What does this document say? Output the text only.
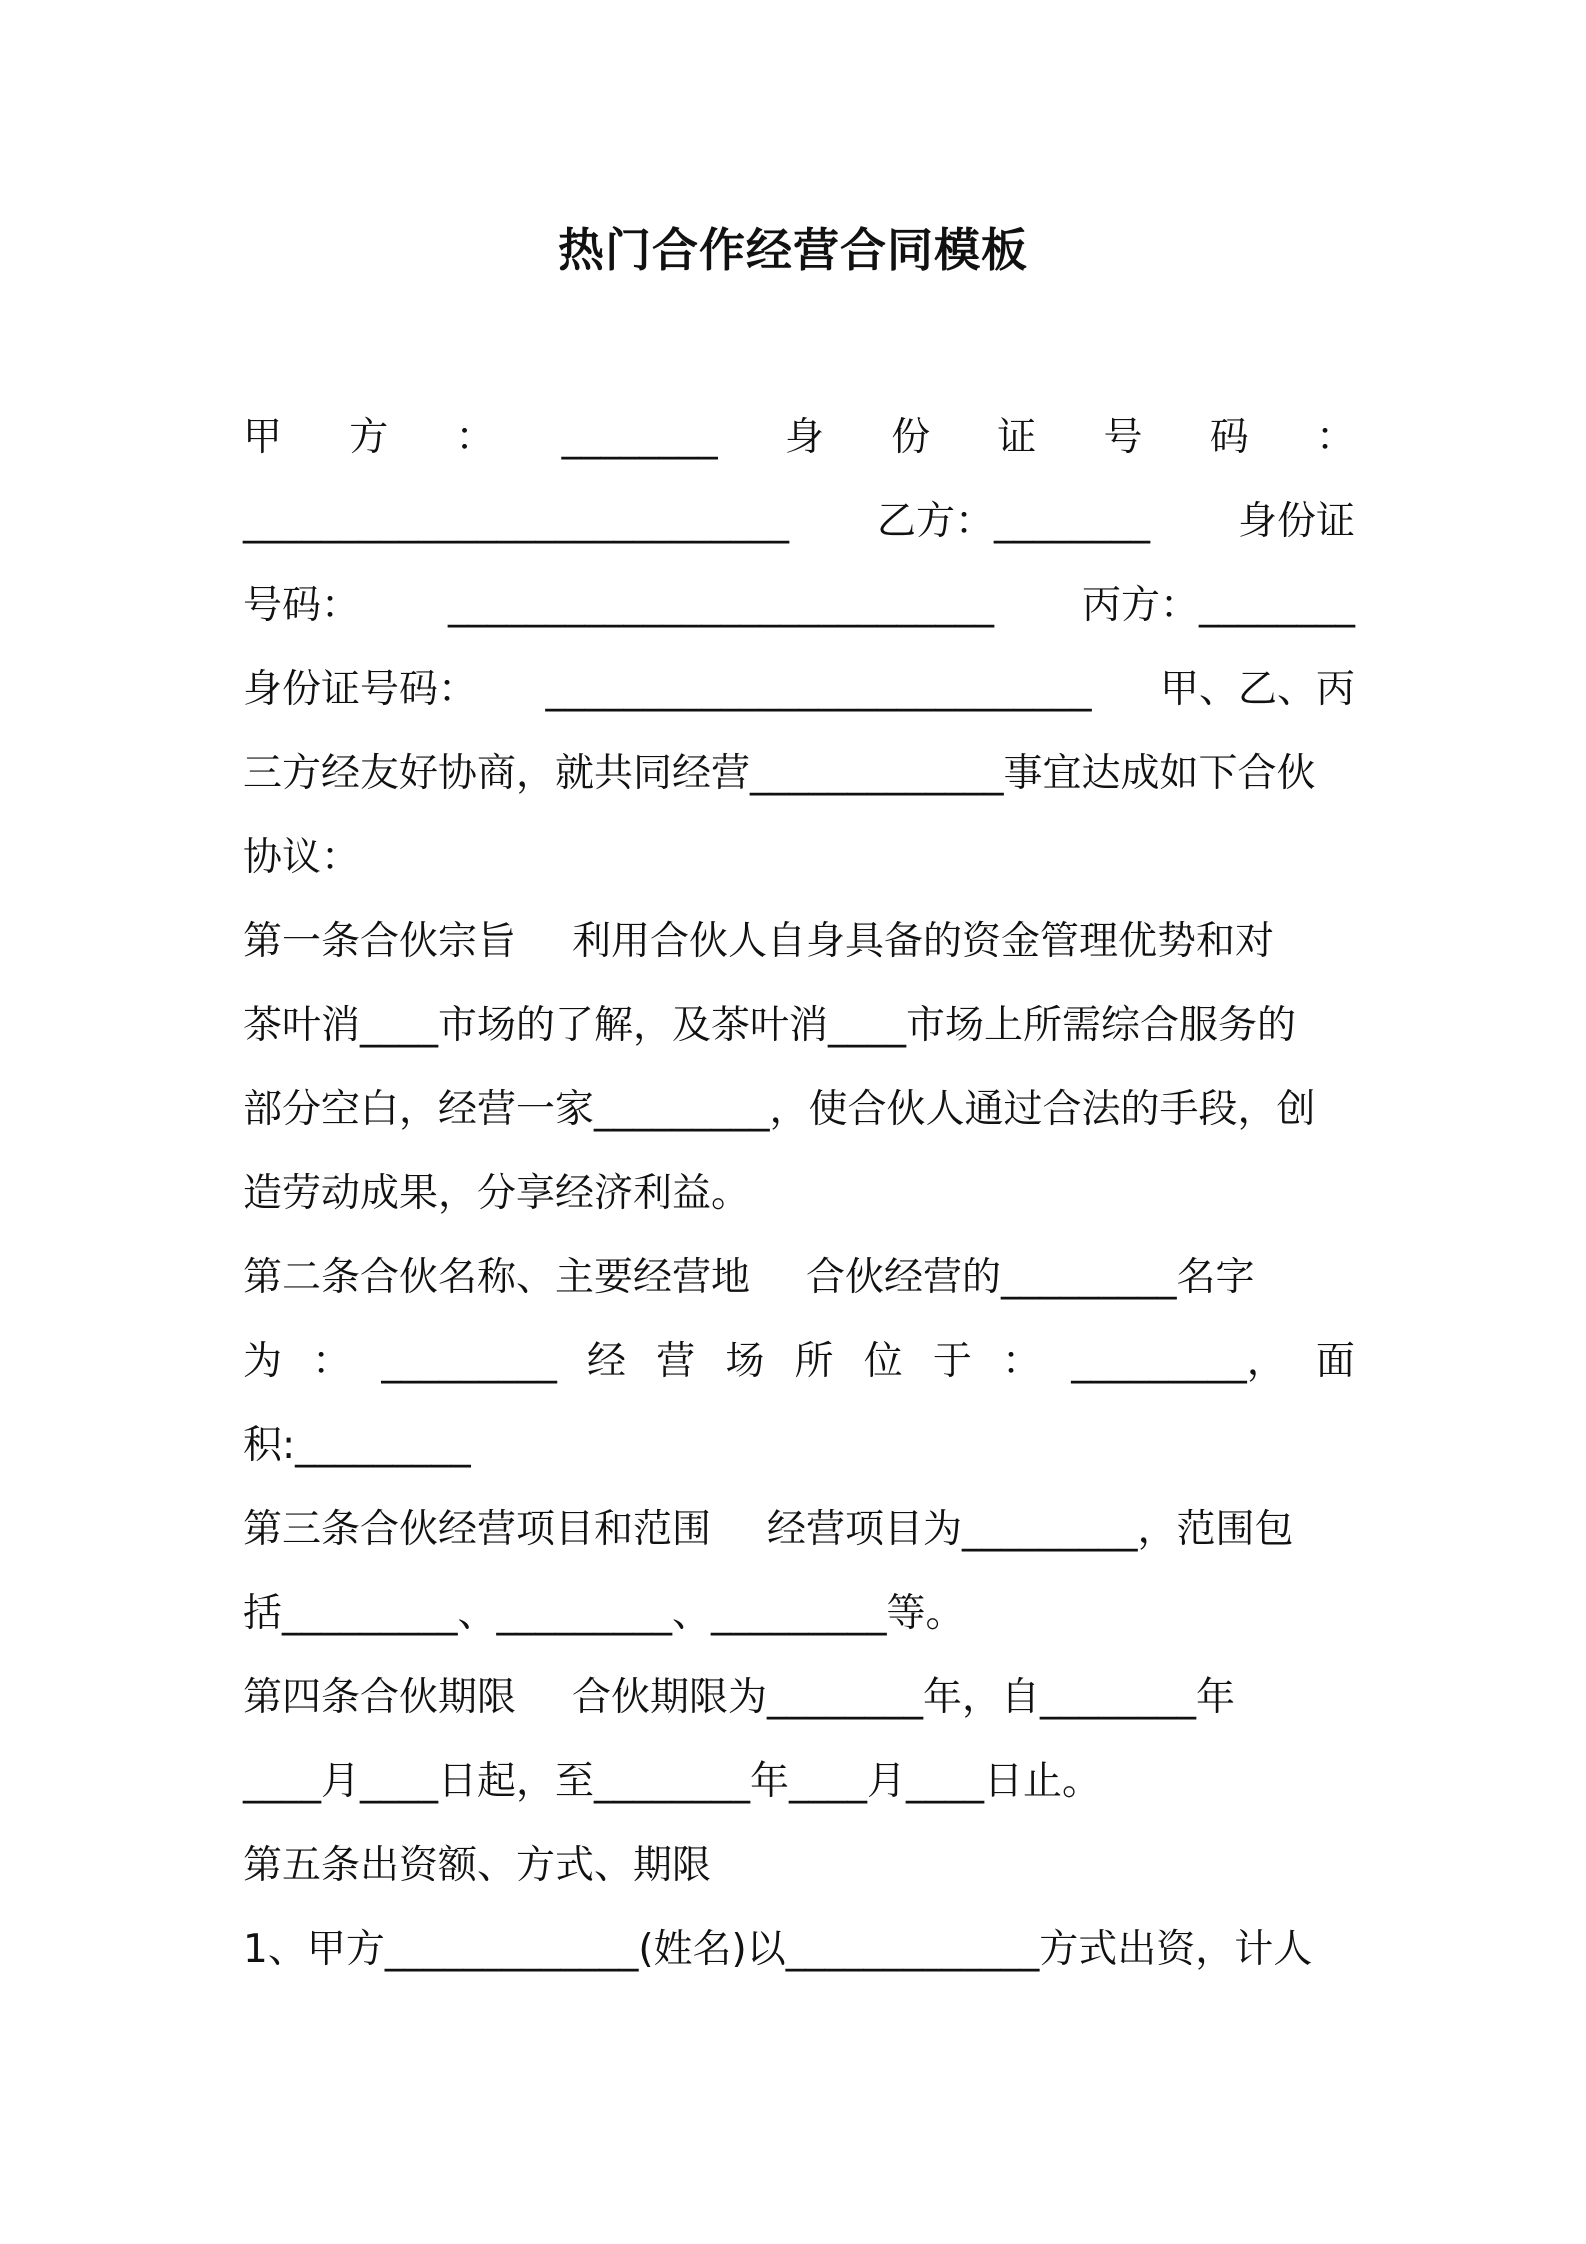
热门合作经营合同模板
甲 方 ： ________ 身 份 证 号 码 ：
____________________________ 乙方：________ 身份证
号码： ____________________________ 丙方：________
身份证号码： ____________________________ 甲、乙、丙
三方经友好协商，就共同经营_____________事宜达成如下合伙
协议：
第一条合伙宗旨 利用合伙人自身具备的资金管理优势和对
茶叶消____市场的了解，及茶叶消____市场上所需综合服务的
部分空白，经营一家_________，使合伙人通过合法的手段，创
造劳动成果，分享经济利益。
第二条合伙名称、主要经营地 合伙经营的_________名字
为 ： _________ 经 营 场 所 位 于 ： _________， 面
积:_________
第三条合伙经营项目和范围 经营项目为_________，范围包
括_________、_________、_________等。
第四条合伙期限 合伙期限为________年，自________年
____月____日起，至________年____月____日止。
第五条出资额、方式、期限
1、甲方_____________(姓名)以_____________方式出资，计人
